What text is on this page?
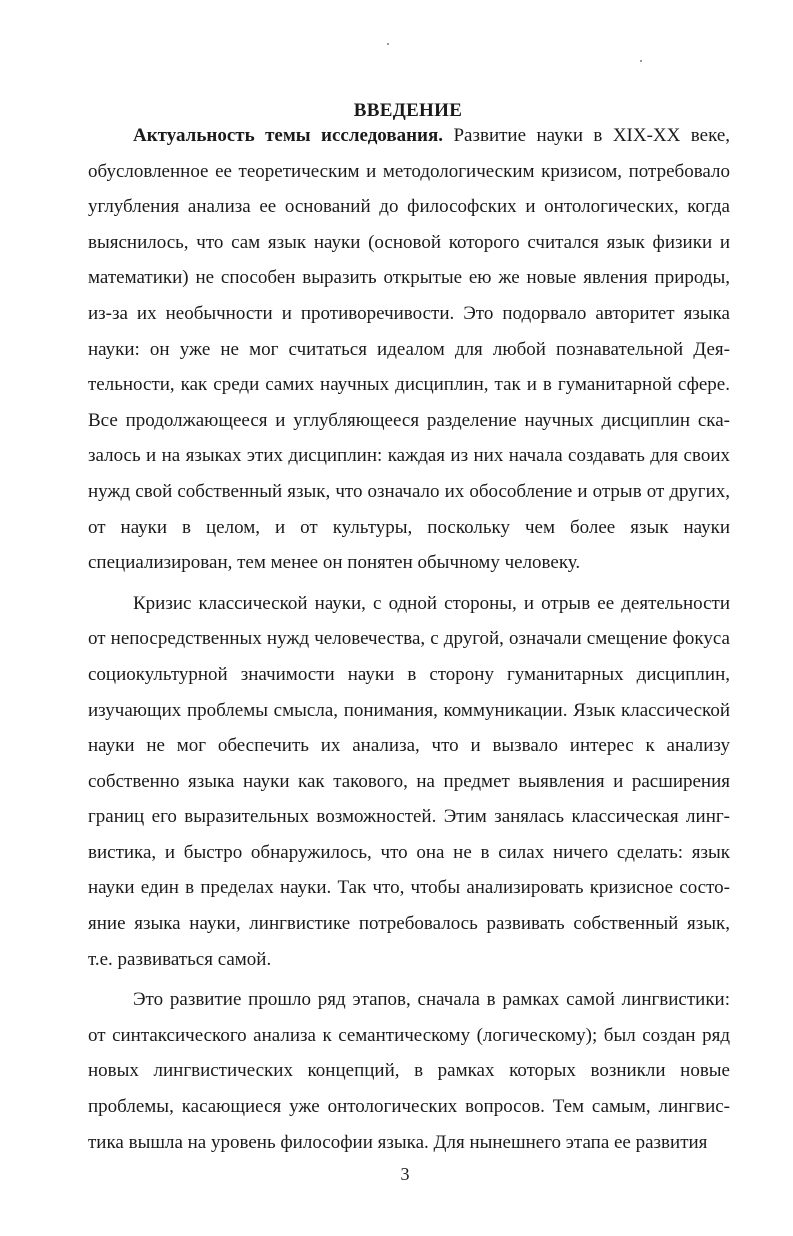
ВВЕДЕНИЕ

Актуальность темы исследования. Развитие науки в XIX-XX веке, обусловленное ее теоретическим и методологическим кризисом, потребовало углубления анализа ее оснований до философских и онтологических, когда выяснилось, что сам язык науки (основой которого считался язык физики и математики) не способен выразить открытые ею же новые явления природы, из-за их необычности и противоречивости. Это подорвало авторитет языка науки: он уже не мог считаться идеалом для любой познавательной Деятельности, как среди самих научных дисциплин, так и в гуманитарной сфере. Все продолжающееся и углубляющееся разделение научных дисциплин сказалось и на языках этих дисциплин: каждая из них начала создавать для своих нужд свой собственный язык, что означало их обособление и отрыв от других, от науки в целом, и от культуры, поскольку чем более язык науки специализирован, тем менее он понятен обычному человеку.

Кризис классической науки, с одной стороны, и отрыв ее деятельности от непосредственных нужд человечества, с другой, означали смещение фокуса социокультурной значимости науки в сторону гуманитарных дисциплин, изучающих проблемы смысла, понимания, коммуникации. Язык классической науки не мог обеспечить их анализа, что и вызвало интерес к анализу собственно языка науки как такового, на предмет выявления и расширения границ его выразительных возможностей. Этим занялась классическая лингвистика, и быстро обнаружилось, что она не в силах ничего сделать: язык науки един в пределах науки. Так что, чтобы анализировать кризисное состояние языка науки, лингвистике потребовалось развивать собственный язык, т.е. развиваться самой.

Это развитие прошло ряд этапов, сначала в рамках самой лингвистики: от синтаксического анализа к семантическому (логическому); был создан ряд новых лингвистических концепций, в рамках которых возникли новые проблемы, касающиеся уже онтологических вопросов. Тем самым, лингвистика вышла на уровень философии языка. Для нынешнего этапа ее развития

3
